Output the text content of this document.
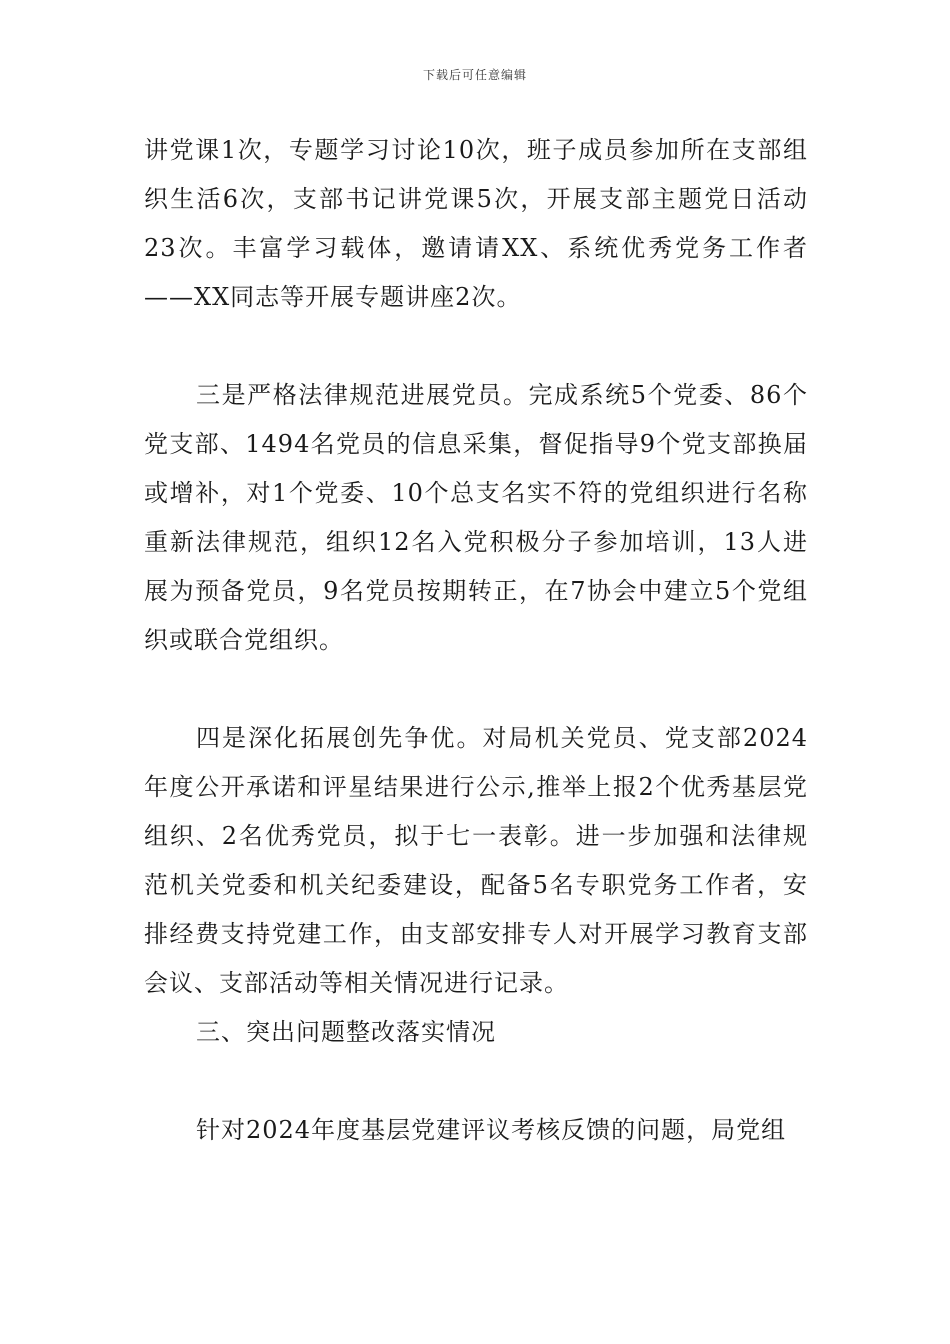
下载后可任意编辑

讲党课1次，专题学习讨论10次，班子成员参加所在支部组织生活6次，支部书记讲党课5次，开展支部主题党日活动23次。丰富学习载体，邀请请XX、系统优秀党务工作者——XX同志等开展专题讲座2次。

三是严格法律规范进展党员。完成系统5个党委、86个党支部、1494名党员的信息采集，督促指导9个党支部换届或增补，对1个党委、10个总支名实不符的党组织进行名称重新法律规范，组织12名入党积极分子参加培训，13人进展为预备党员，9名党员按期转正，在7协会中建立5个党组织或联合党组织。

四是深化拓展创先争优。对局机关党员、党支部2024年度公开承诺和评星结果进行公示,推举上报2个优秀基层党组织、2名优秀党员，拟于七一表彰。进一步加强和法律规范机关党委和机关纪委建设，配备5名专职党务工作者，安排经费支持党建工作，由支部安排专人对开展学习教育支部会议、支部活动等相关情况进行记录。

三、突出问题整改落实情况

针对2024年度基层党建评议考核反馈的问题，局党组
